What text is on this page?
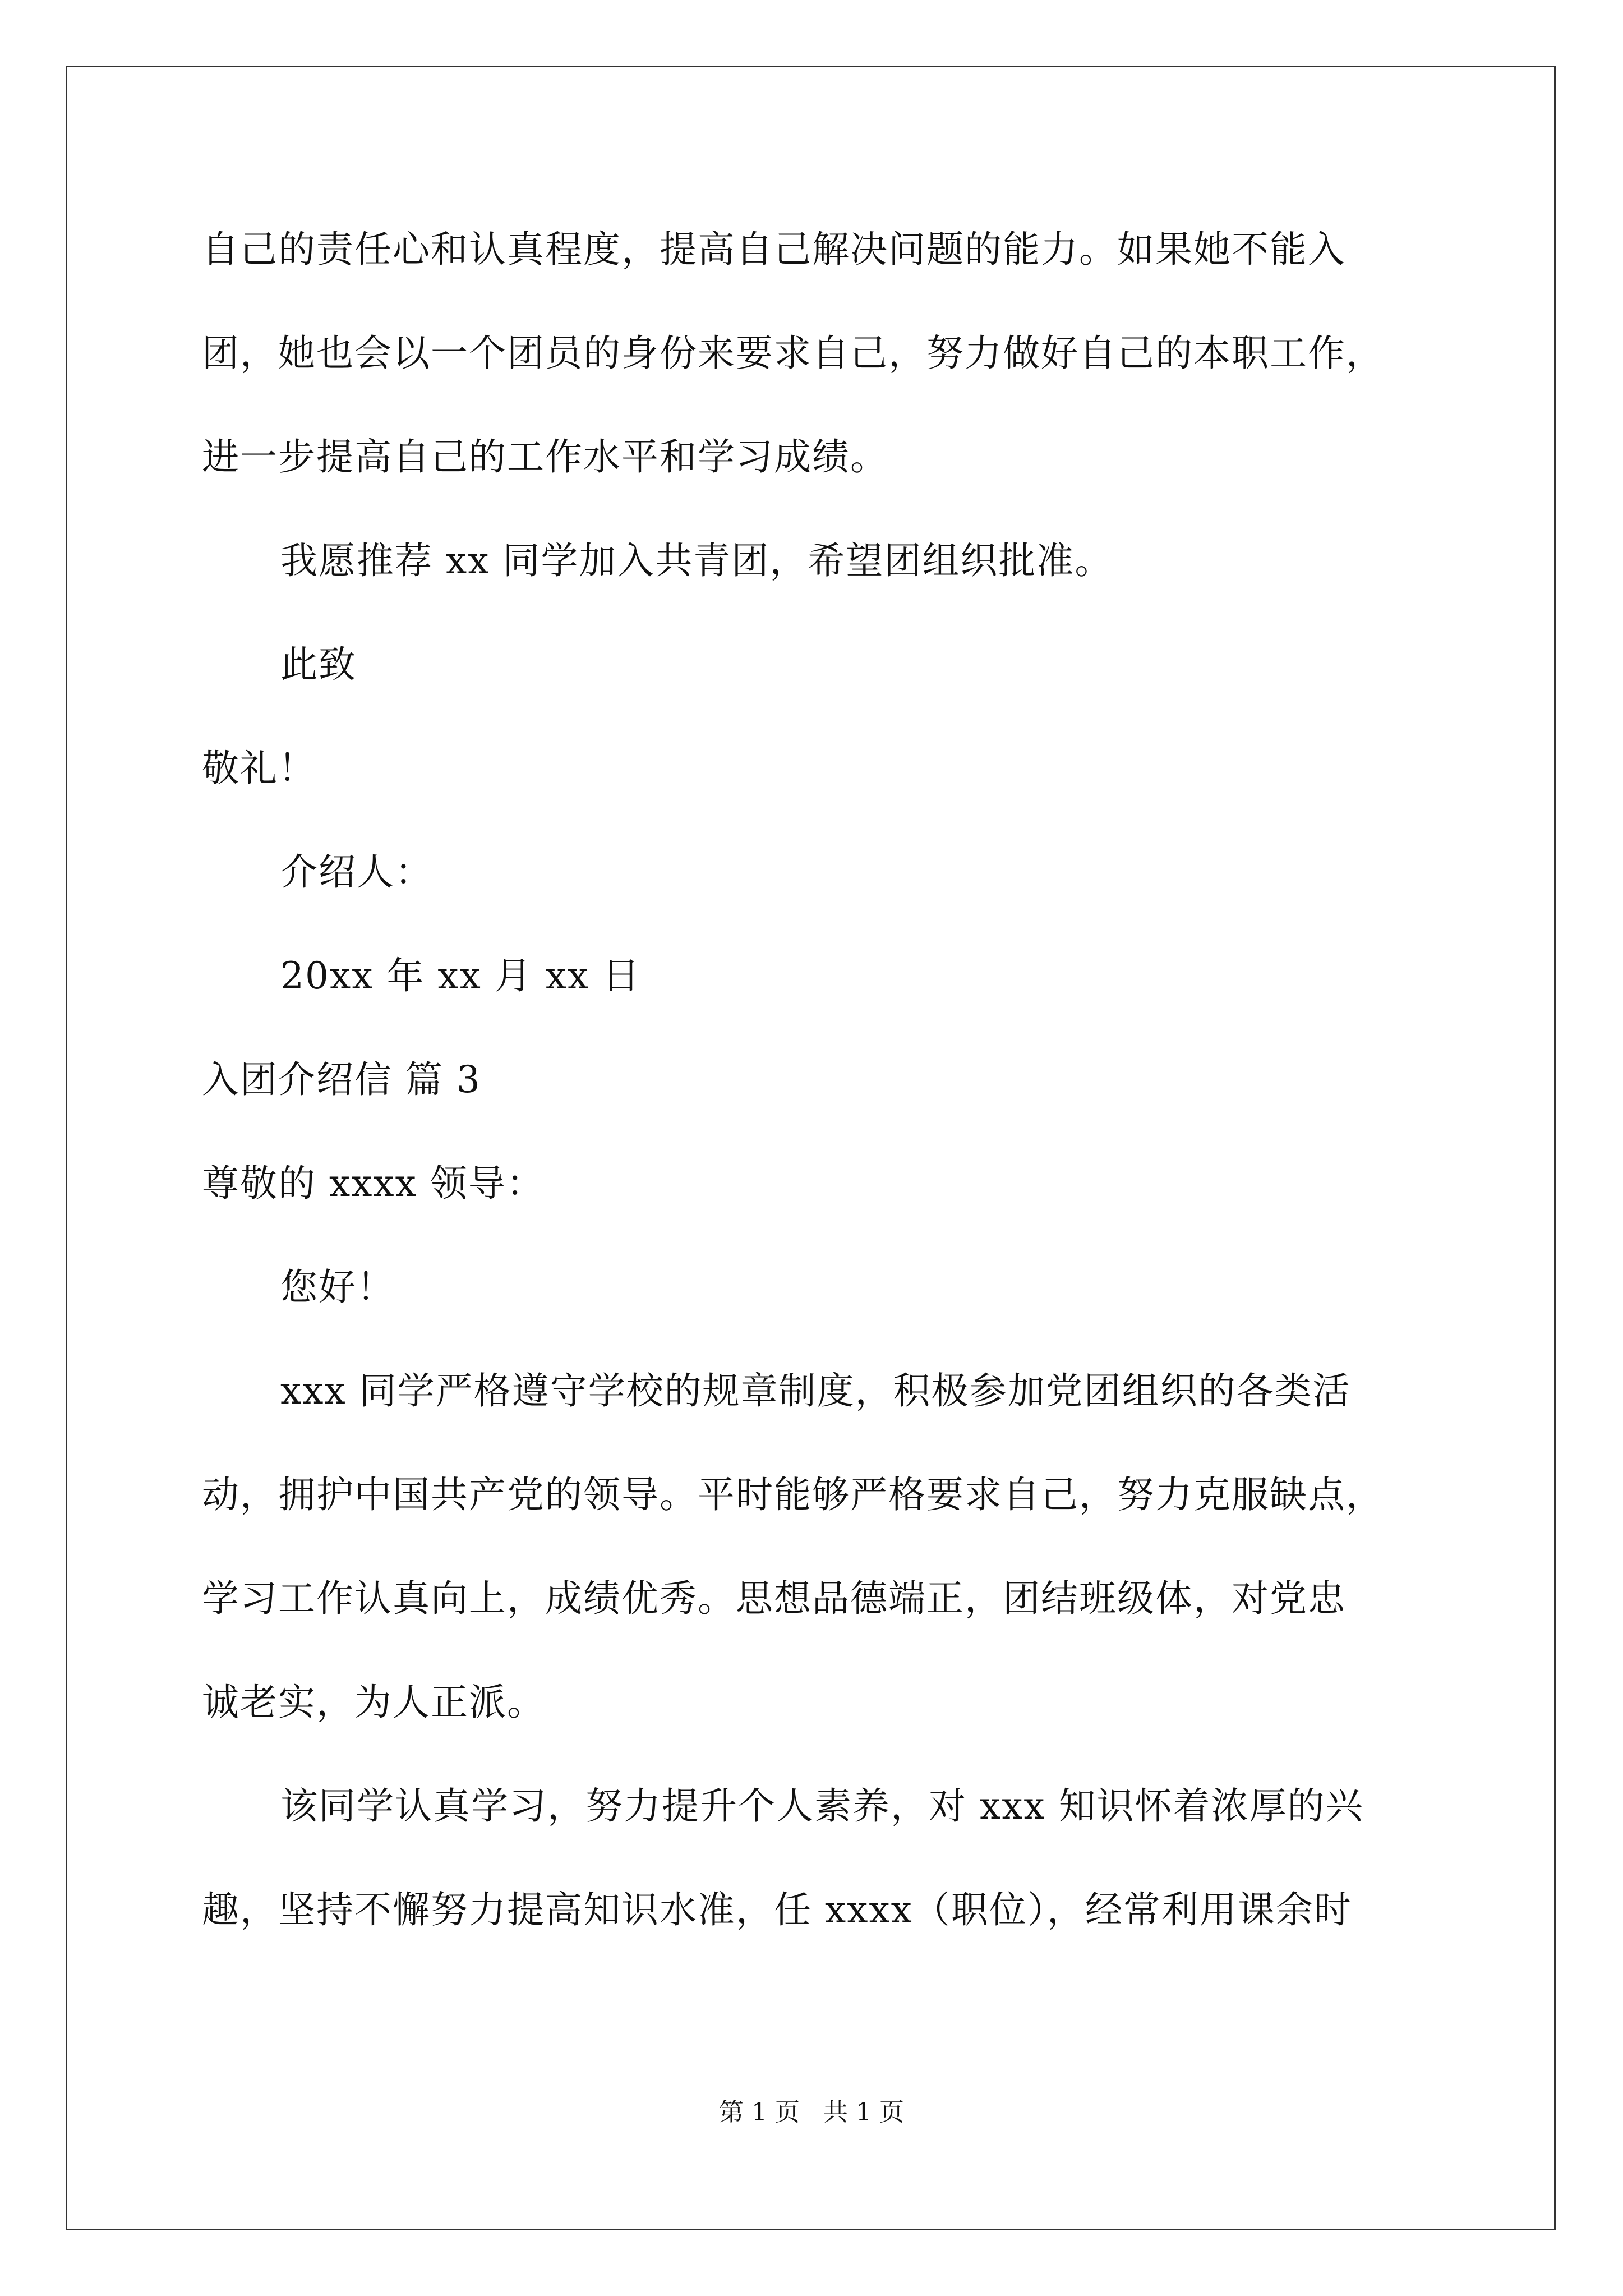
自己的责任心和认真程度，提高自己解决问题的能力。如果她不能入
团，她也会以一个团员的身份来要求自己，努力做好自己的本职工作，
进一步提高自己的工作水平和学习成绩。
我愿推荐 xx 同学加入共青团，希望团组织批准。
此致
敬礼！
介绍人：
20xx 年 xx 月 xx 日
入团介绍信 篇 3
尊敬的 xxxx 领导：
您好！
xxx 同学严格遵守学校的规章制度，积极参加党团组织的各类活
动，拥护中国共产党的领导。平时能够严格要求自己，努力克服缺点，
学习工作认真向上，成绩优秀。思想品德端正，团结班级体，对党忠
诚老实，为人正派。
该同学认真学习，努力提升个人素养，对 xxx 知识怀着浓厚的兴
趣，坚持不懈努力提高知识水准，任 xxxx（职位），经常利用课余时
第 1 页   共 1 页
